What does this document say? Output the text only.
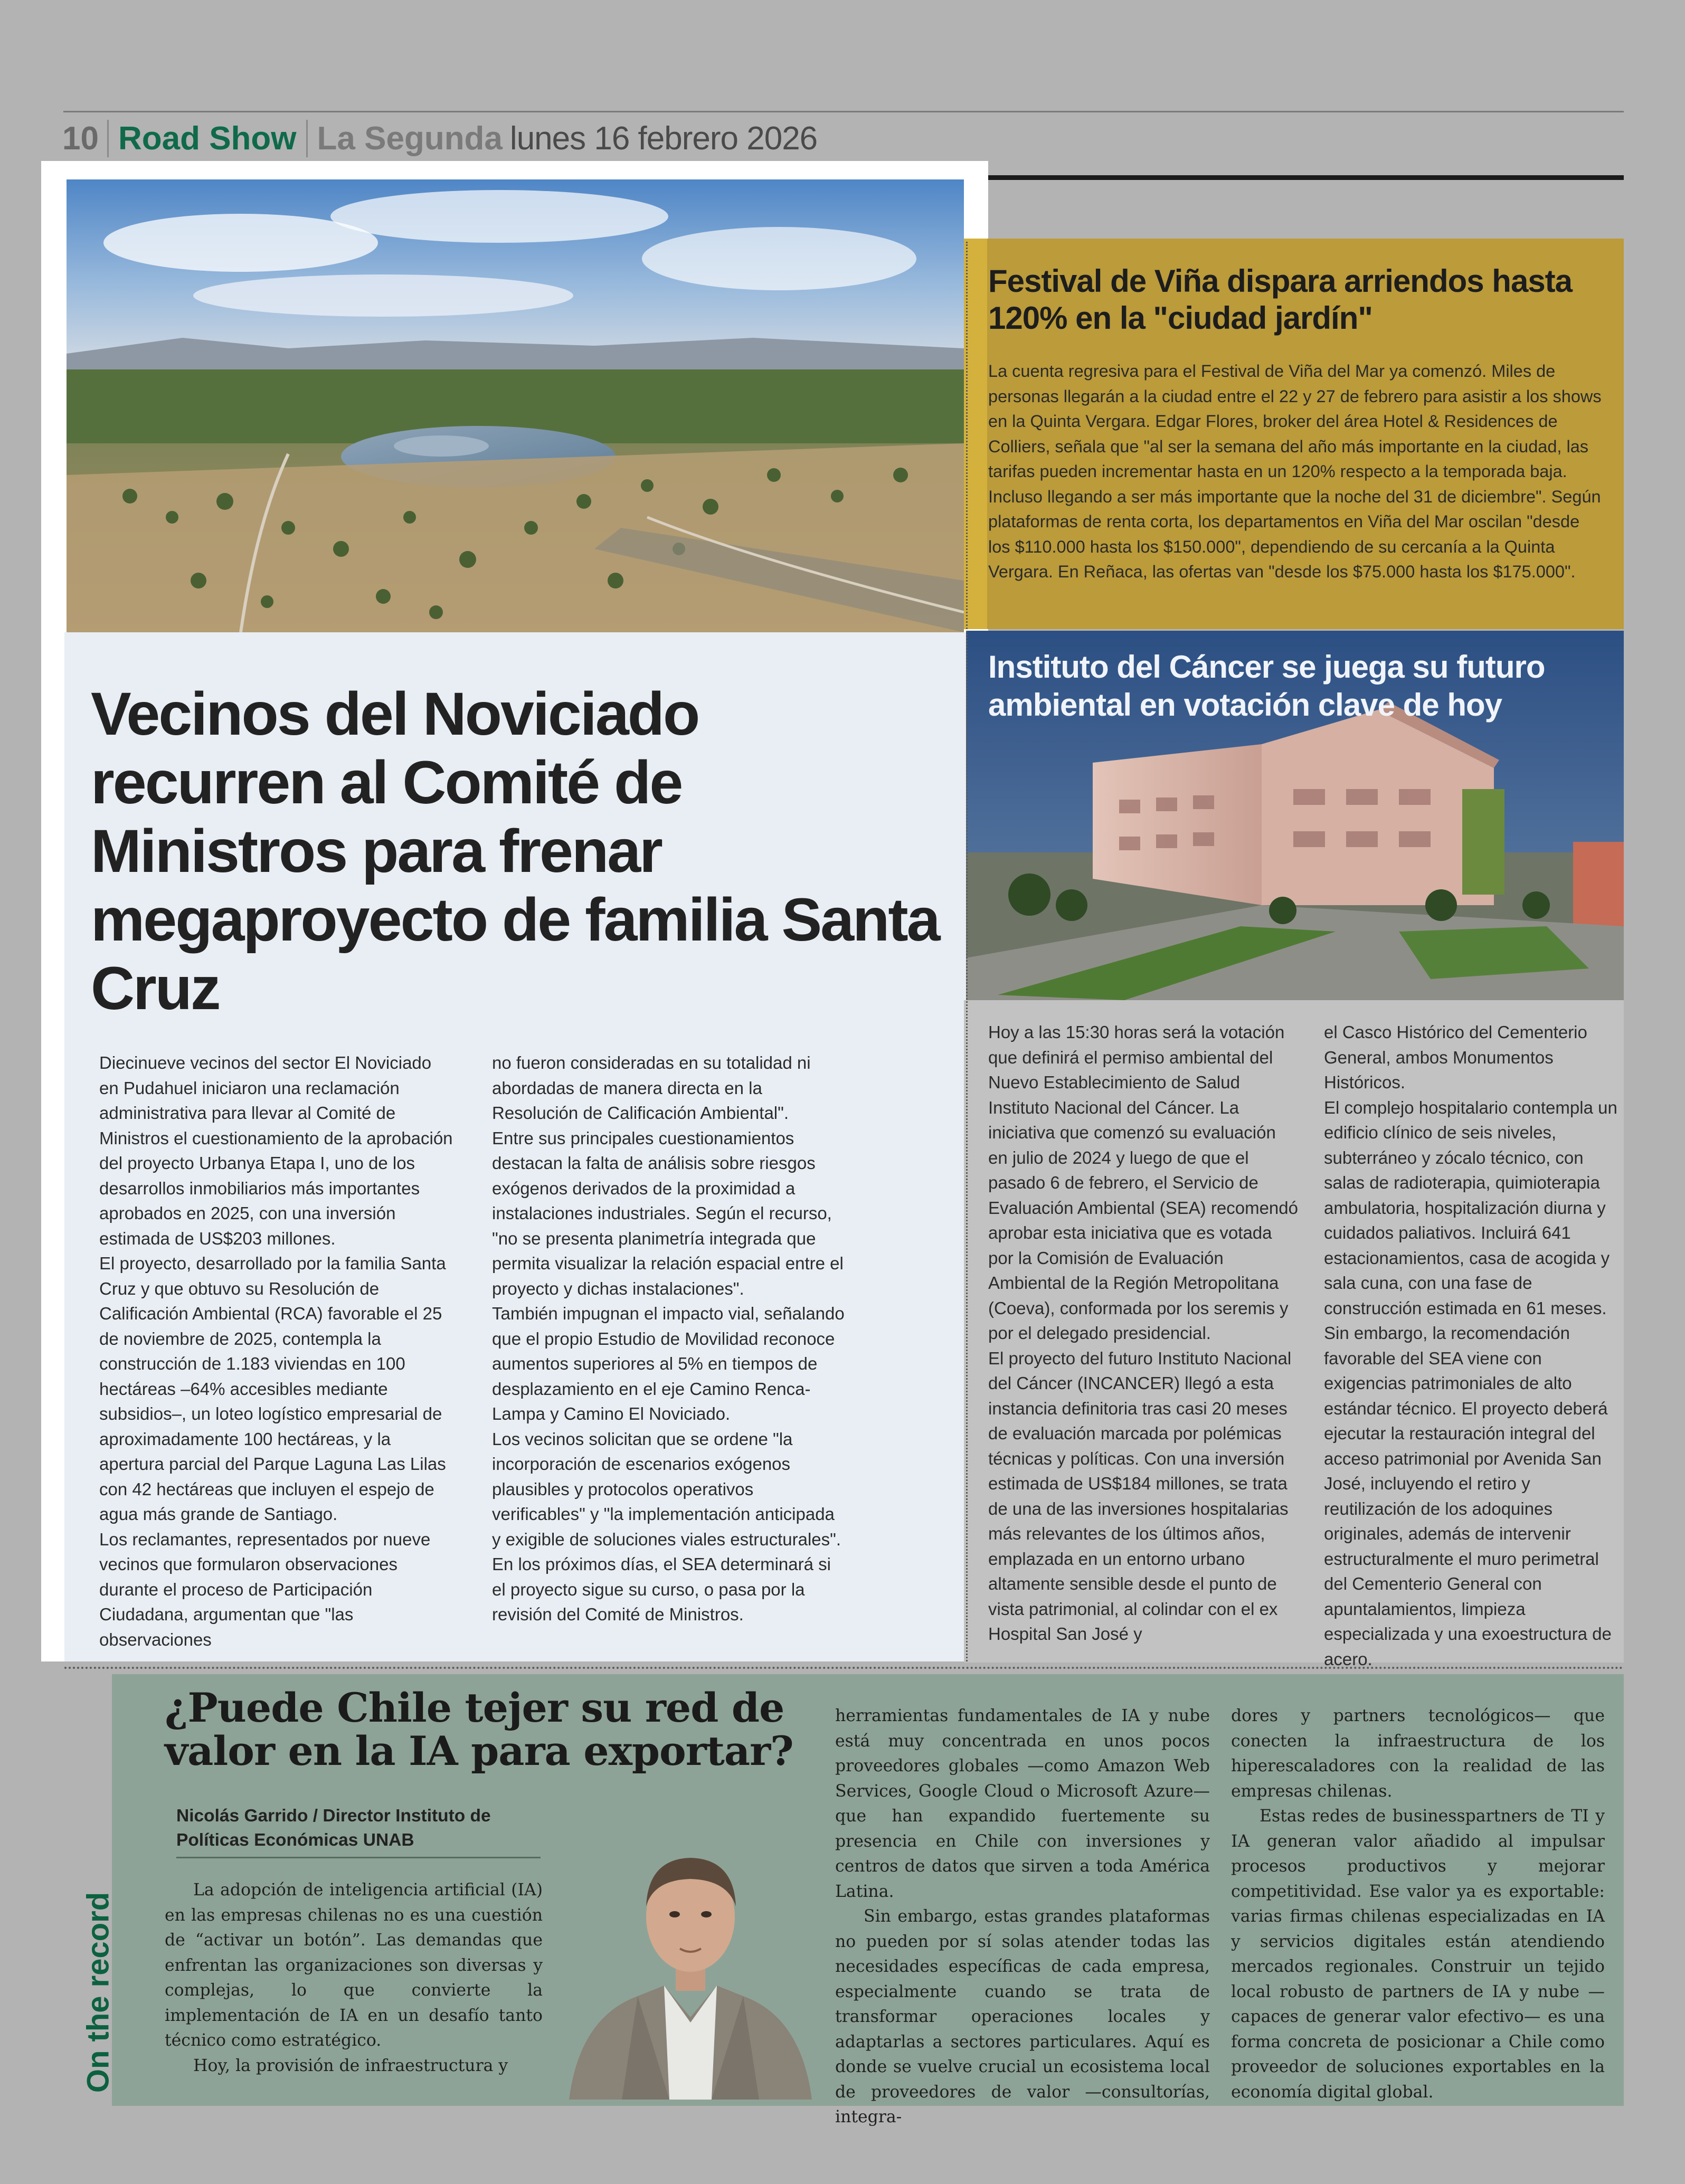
10 Road Show La Segunda lunes 16 febrero 2026
Vecinos del Noviciado recurren al Comité de Ministros para frenar megaproyecto de familia Santa Cruz

Diecinueve vecinos del sector El Noviciado en Pudahuel iniciaron una reclamación administrativa para llevar al Comité de Ministros el cuestionamiento de la aprobación del proyecto Urbanya Etapa I, uno de los desarrollos inmobiliarios más importantes aprobados en 2025, con una inversión estimada de US$203 millones.

El proyecto, desarrollado por la familia Santa Cruz y que obtuvo su Resolución de Calificación Ambiental (RCA) favorable el 25 de noviembre de 2025, contempla la construcción de 1.183 viviendas en 100 hectáreas –64% accesibles mediante subsidios–, un loteo logístico empresarial de aproximadamente 100 hectáreas, y la apertura parcial del Parque Laguna Las Lilas con 42 hectáreas que incluyen el espejo de agua más grande de Santiago.

Los reclamantes, representados por nueve vecinos que formularon observaciones durante el proceso de Participación Ciudadana, argumentan que "las observaciones

no fueron consideradas en su totalidad ni abordadas de manera directa en la Resolución de Calificación Ambiental".

Entre sus principales cuestionamientos destacan la falta de análisis sobre riesgos exógenos derivados de la proximidad a instalaciones industriales. Según el recurso, "no se presenta planimetría integrada que permita visualizar la relación espacial entre el proyecto y dichas instalaciones".

También impugnan el impacto vial, señalando que el propio Estudio de Movilidad reconoce aumentos superiores al 5% en tiempos de desplazamiento en el eje Camino Renca-Lampa y Camino El Noviciado.

Los vecinos solicitan que se ordene "la incorporación de escenarios exógenos plausibles y protocolos operativos verificables" y "la implementación anticipada y exigible de soluciones viales estructurales".

En los próximos días, el SEA determinará si el proyecto sigue su curso, o pasa por la revisión del Comité de Ministros.

Festival de Viña dispara arriendos hasta 120% en la "ciudad jardín"

La cuenta regresiva para el Festival de Viña del Mar ya comenzó. Miles de personas llegarán a la ciudad entre el 22 y 27 de febrero para asistir a los shows en la Quinta Vergara. Edgar Flores, broker del área Hotel & Residences de Colliers, señala que "al ser la semana del año más importante en la ciudad, las tarifas pueden incrementar hasta en un 120% respecto a la temporada baja. Incluso llegando a ser más importante que la noche del 31 de diciembre". Según plataformas de renta corta, los departamentos en Viña del Mar oscilan "desde los $110.000 hasta los $150.000", dependiendo de su cercanía a la Quinta Vergara. En Reñaca, las ofertas van "desde los $75.000 hasta los $175.000".

Instituto del Cáncer se juega su futuro ambiental en votación clave de hoy

Hoy a las 15:30 horas será la votación que definirá el permiso ambiental del Nuevo Establecimiento de Salud Instituto Nacional del Cáncer. La iniciativa que comenzó su evaluación en julio de 2024 y luego de que el pasado 6 de febrero, el Servicio de Evaluación Ambiental (SEA) recomendó aprobar esta iniciativa que es votada por la Comisión de Evaluación Ambiental de la Región Metropolitana (Coeva), conformada por los seremis y por el delegado presidencial.

El proyecto del futuro Instituto Nacional del Cáncer (INCANCER) llegó a esta instancia definitoria tras casi 20 meses de evaluación marcada por polémicas técnicas y políticas. Con una inversión estimada de US$184 millones, se trata de una de las inversiones hospitalarias más relevantes de los últimos años, emplazada en un entorno urbano altamente sensible desde el punto de vista patrimonial, al colindar con el ex Hospital San José y

el Casco Histórico del Cementerio General, ambos Monumentos Históricos.

El complejo hospitalario contempla un edificio clínico de seis niveles, subterráneo y zócalo técnico, con salas de radioterapia, quimioterapia ambulatoria, hospitalización diurna y cuidados paliativos. Incluirá 641 estacionamientos, casa de acogida y sala cuna, con una fase de construcción estimada en 61 meses.

Sin embargo, la recomendación favorable del SEA viene con exigencias patrimoniales de alto estándar técnico. El proyecto deberá ejecutar la restauración integral del acceso patrimonial por Avenida San José, incluyendo el retiro y reutilización de los adoquines originales, además de intervenir estructuralmente el muro perimetral del Cementerio General con apuntalamientos, limpieza especializada y una exoestructura de acero.

On the record
¿Puede Chile tejer su red de valor en la IA para exportar?

Nicolás Garrido / Director Instituto de Políticas Económicas UNAB

La adopción de inteligencia artificial (IA) en las empresas chilenas no es una cuestión de “activar un botón”. Las demandas que enfrentan las organizaciones son diversas y complejas, lo que convierte la implementación de IA en un desafío tanto técnico como estratégico.

Hoy, la provisión de infraestructura y

herramientas fundamentales de IA y nube está muy concentrada en unos pocos proveedores globales —como Amazon Web Services, Google Cloud o Microsoft Azure— que han expandido fuertemente su presencia en Chile con inversiones y centros de datos que sirven a toda América Latina.

Sin embargo, estas grandes plataformas no pueden por sí solas atender todas las necesidades específicas de cada empresa, especialmente cuando se trata de transformar operaciones locales y adaptarlas a sectores particulares. Aquí es donde se vuelve crucial un ecosistema local de proveedores de valor —consultorías, integra-

dores y partners tecnológicos— que conecten la infraestructura de los hiperescaladores con la realidad de las empresas chilenas.

Estas redes de businesspartners de TI y IA generan valor añadido al impulsar procesos productivos y mejorar competitividad. Ese valor ya es exportable: varias firmas chilenas especializadas en IA y servicios digitales están atendiendo mercados regionales. Construir un tejido local robusto de partners de IA y nube —capaces de generar valor efectivo— es una forma concreta de posicionar a Chile como proveedor de soluciones exportables en la economía digital global.
